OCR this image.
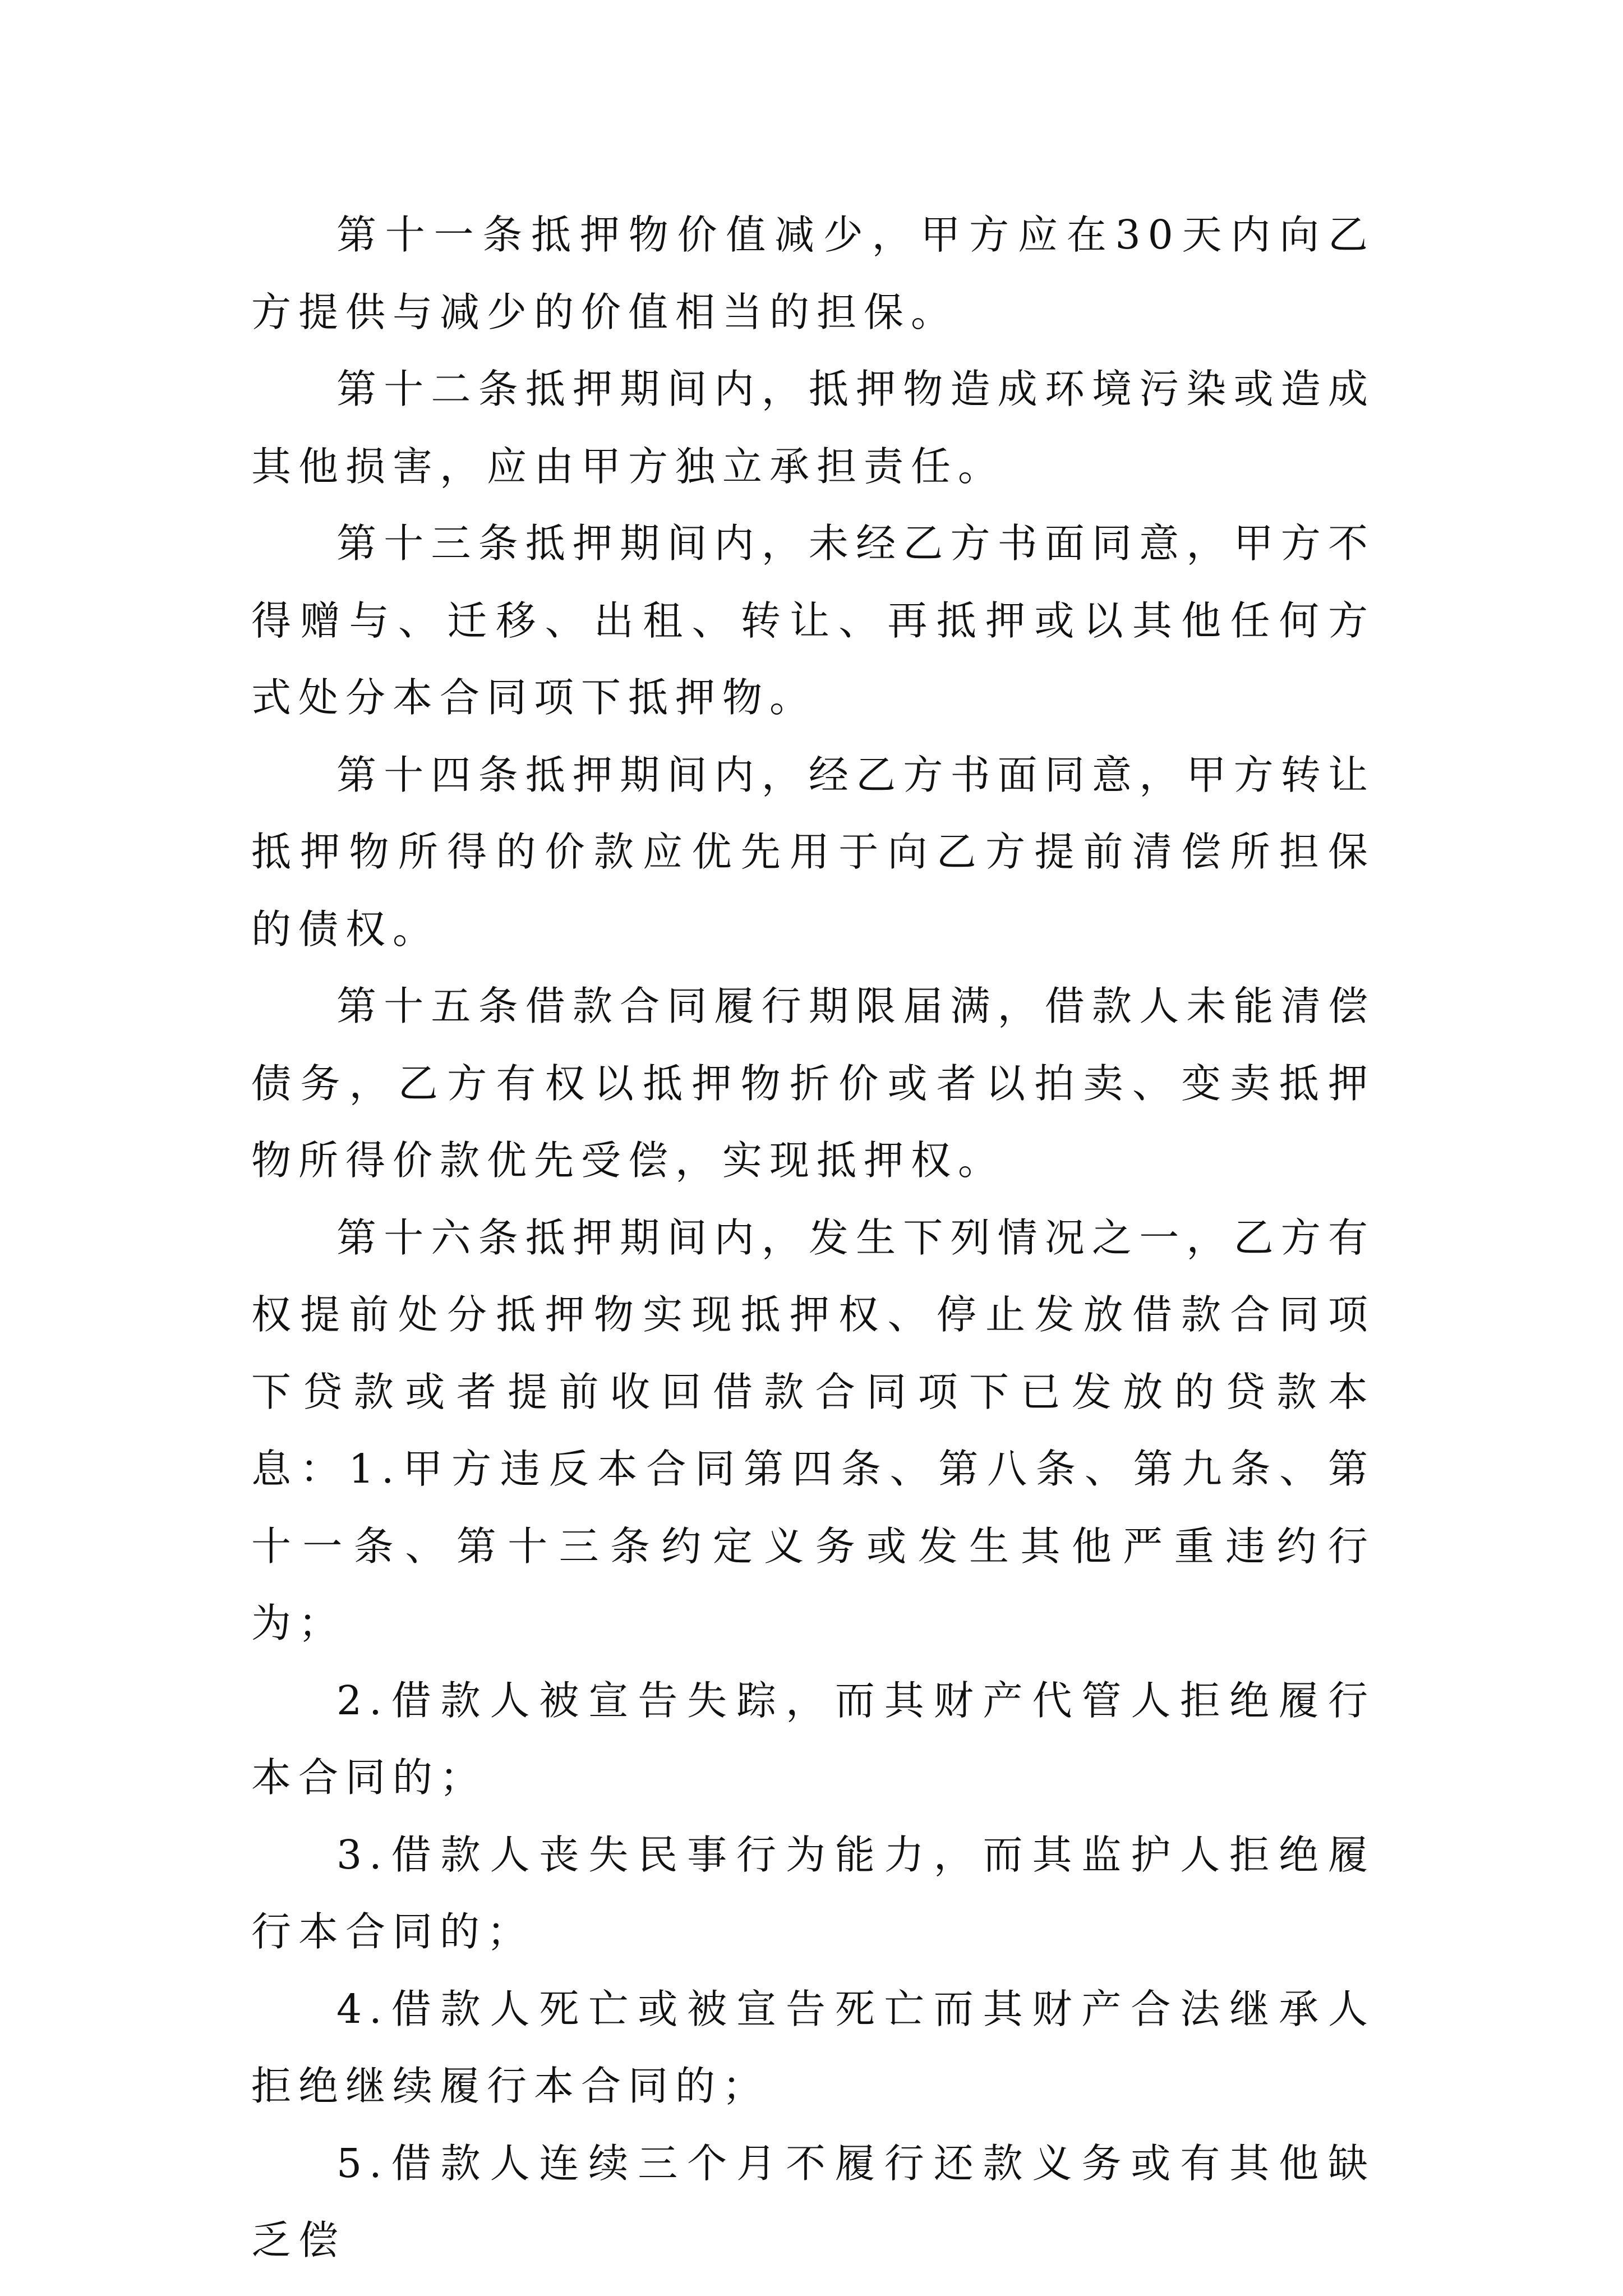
第十一条抵押物价值减少，甲方应在30天内向乙方提供与减少的价值相当的担保。

第十二条抵押期间内，抵押物造成环境污染或造成其他损害，应由甲方独立承担责任。

第十三条抵押期间内，未经乙方书面同意，甲方不得赠与、迁移、出租、转让、再抵押或以其他任何方式处分本合同项下抵押物。

第十四条抵押期间内，经乙方书面同意，甲方转让抵押物所得的价款应优先用于向乙方提前清偿所担保的债权。

第十五条借款合同履行期限届满，借款人未能清偿债务，乙方有权以抵押物折价或者以拍卖、变卖抵押物所得价款优先受偿，实现抵押权。

第十六条抵押期间内，发生下列情况之一，乙方有权提前处分抵押物实现抵押权、停止发放借款合同项下贷款或者提前收回借款合同项下已发放的贷款本息：1.甲方违反本合同第四条、第八条、第九条、第十一条、第十三条约定义务或发生其他严重违约行为；

2.借款人被宣告失踪，而其财产代管人拒绝履行本合同的；

3.借款人丧失民事行为能力，而其监护人拒绝履行本合同的；

4.借款人死亡或被宣告死亡而其财产合法继承人拒绝继续履行本合同的；

5.借款人连续三个月不履行还款义务或有其他缺乏偿
